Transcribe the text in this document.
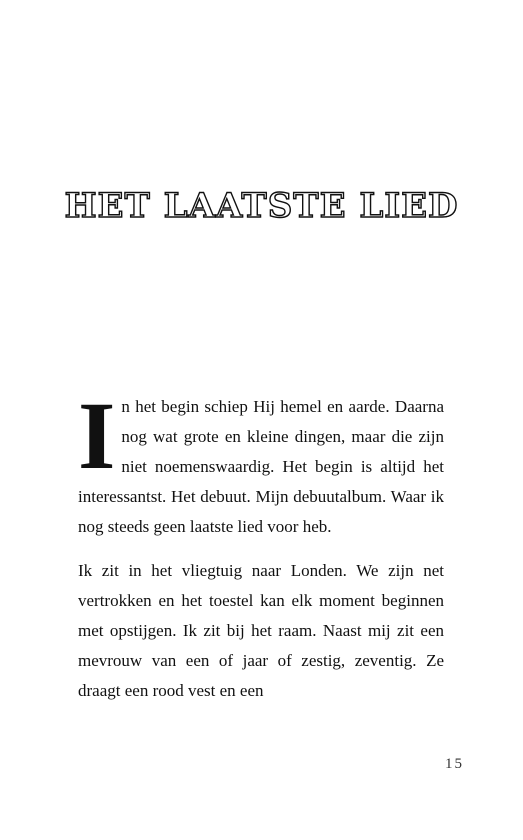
HET LAATSTE LIED

In het begin schiep Hij hemel en aarde. Daarna nog wat grote en kleine dingen, maar die zijn niet noemenswaardig. Het begin is altijd het interessantst. Het debuut. Mijn debuutalbum. Waar ik nog steeds geen laatste lied voor heb.

Ik zit in het vliegtuig naar Londen. We zijn net vertrokken en het toestel kan elk moment beginnen met opstijgen. Ik zit bij het raam. Naast mij zit een mevrouw van een of jaar of zestig, zeventig. Ze draagt een rood vest en een

15
